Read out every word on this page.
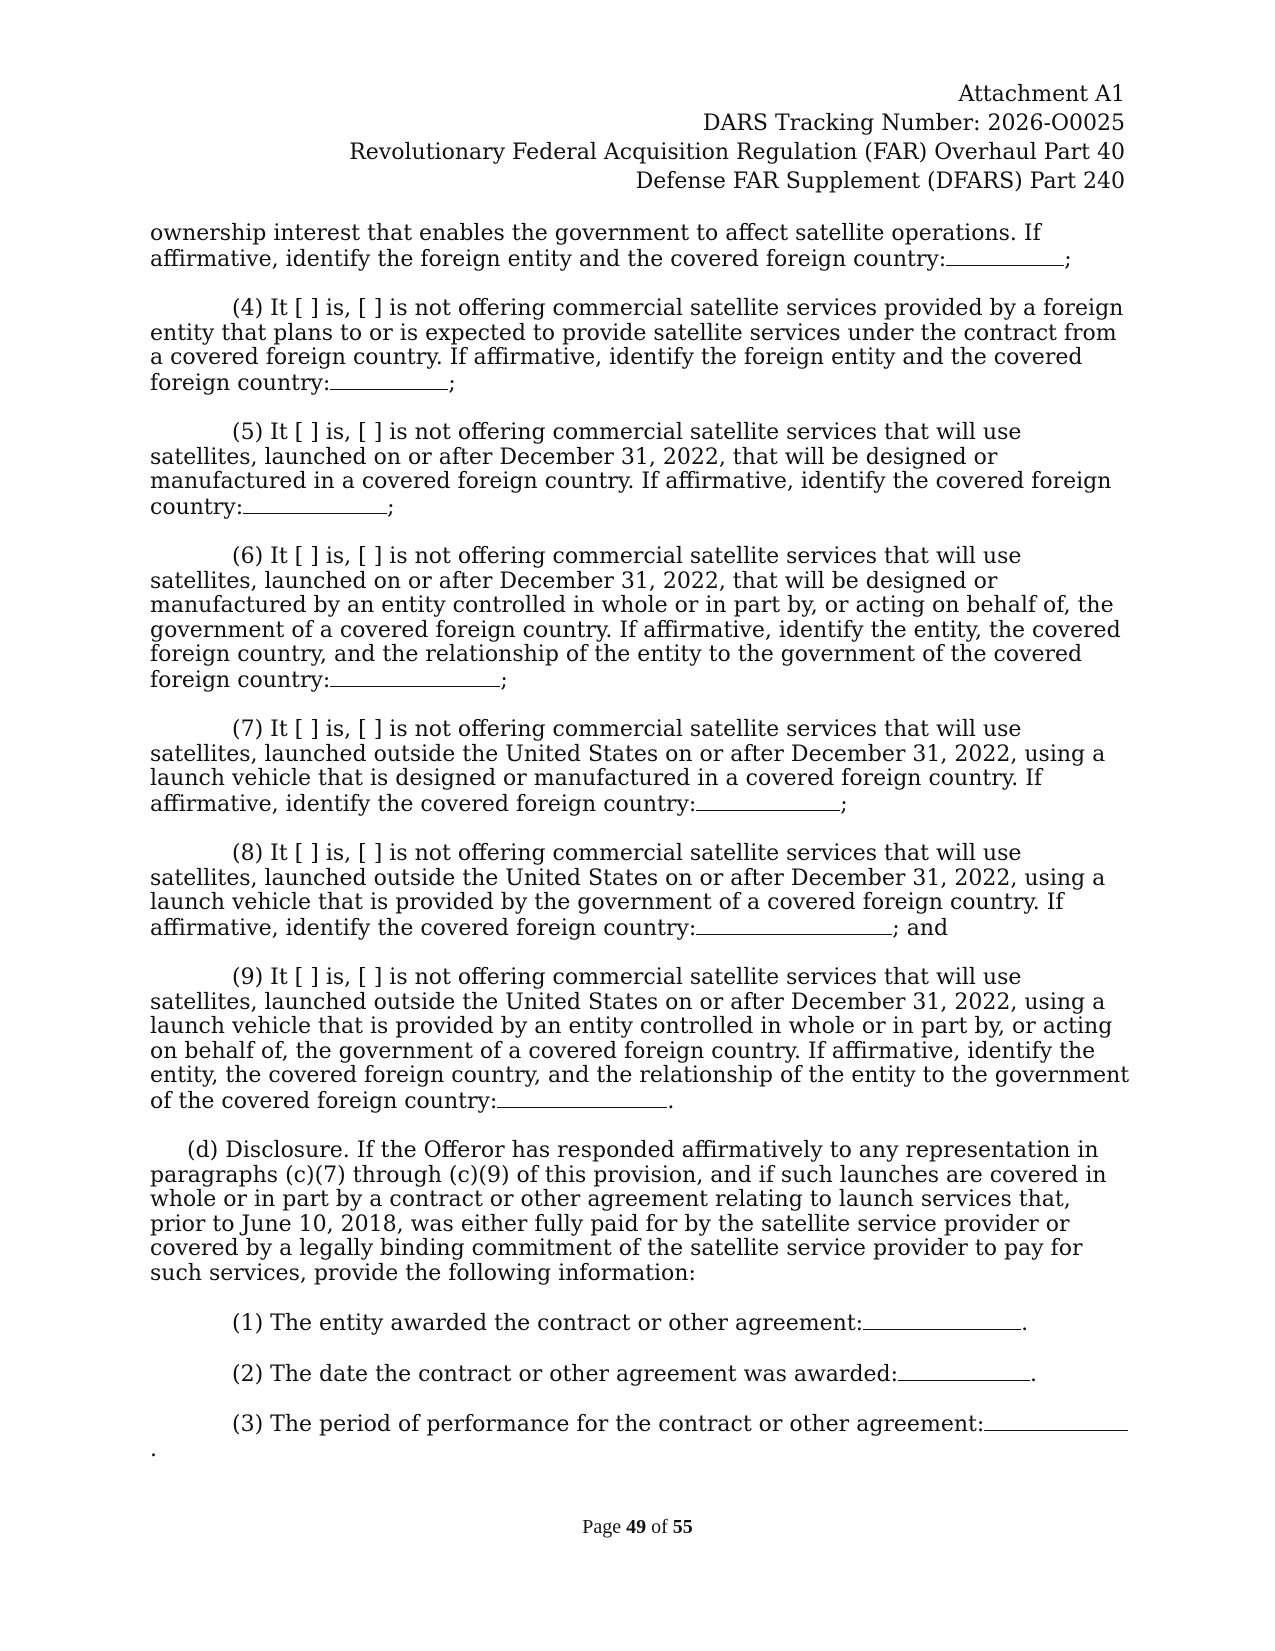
Attachment A1
DARS Tracking Number: 2026-O0025
Revolutionary Federal Acquisition Regulation (FAR) Overhaul Part 40
Defense FAR Supplement (DFARS) Part 240

ownership interest that enables the government to affect satellite operations. If affirmative, identify the foreign entity and the covered foreign country:	;

(4) It [ ] is, [ ] is not offering commercial satellite services provided by a foreign entity that plans to or is expected to provide satellite services under the contract from a covered foreign country. If affirmative, identify the foreign entity and the covered foreign country:	;

(5) It [ ] is, [ ] is not offering commercial satellite services that will use satellites, launched on or after December 31, 2022, that will be designed or manufactured in a covered foreign country. If affirmative, identify the covered foreign country:	;

(6) It [ ] is, [ ] is not offering commercial satellite services that will use satellites, launched on or after December 31, 2022, that will be designed or manufactured by an entity controlled in whole or in part by, or acting on behalf of, the government of a covered foreign country. If affirmative, identify the entity, the covered foreign country, and the relationship of the entity to the government of the covered foreign country:	;

(7) It [ ] is, [ ] is not offering commercial satellite services that will use satellites, launched outside the United States on or after December 31, 2022, using a launch vehicle that is designed or manufactured in a covered foreign country. If affirmative, identify the covered foreign country:	;

(8) It [ ] is, [ ] is not offering commercial satellite services that will use satellites, launched outside the United States on or after December 31, 2022, using a launch vehicle that is provided by the government of a covered foreign country. If affirmative, identify the covered foreign country:	; and

(9) It [ ] is, [ ] is not offering commercial satellite services that will use satellites, launched outside the United States on or after December 31, 2022, using a launch vehicle that is provided by an entity controlled in whole or in part by, or acting on behalf of, the government of a covered foreign country. If affirmative, identify the entity, the covered foreign country, and the relationship of the entity to the government of the covered foreign country:	.

(d) Disclosure. If the Offeror has responded affirmatively to any representation in paragraphs (c)(7) through (c)(9) of this provision, and if such launches are covered in whole or in part by a contract or other agreement relating to launch services that, prior to June 10, 2018, was either fully paid for by the satellite service provider or covered by a legally binding commitment of the satellite service provider to pay for such services, provide the following information:

(1) The entity awarded the contract or other agreement:	.

(2) The date the contract or other agreement was awarded:	.

(3) The period of performance for the contract or other agreement:.

Page 49 of 55
